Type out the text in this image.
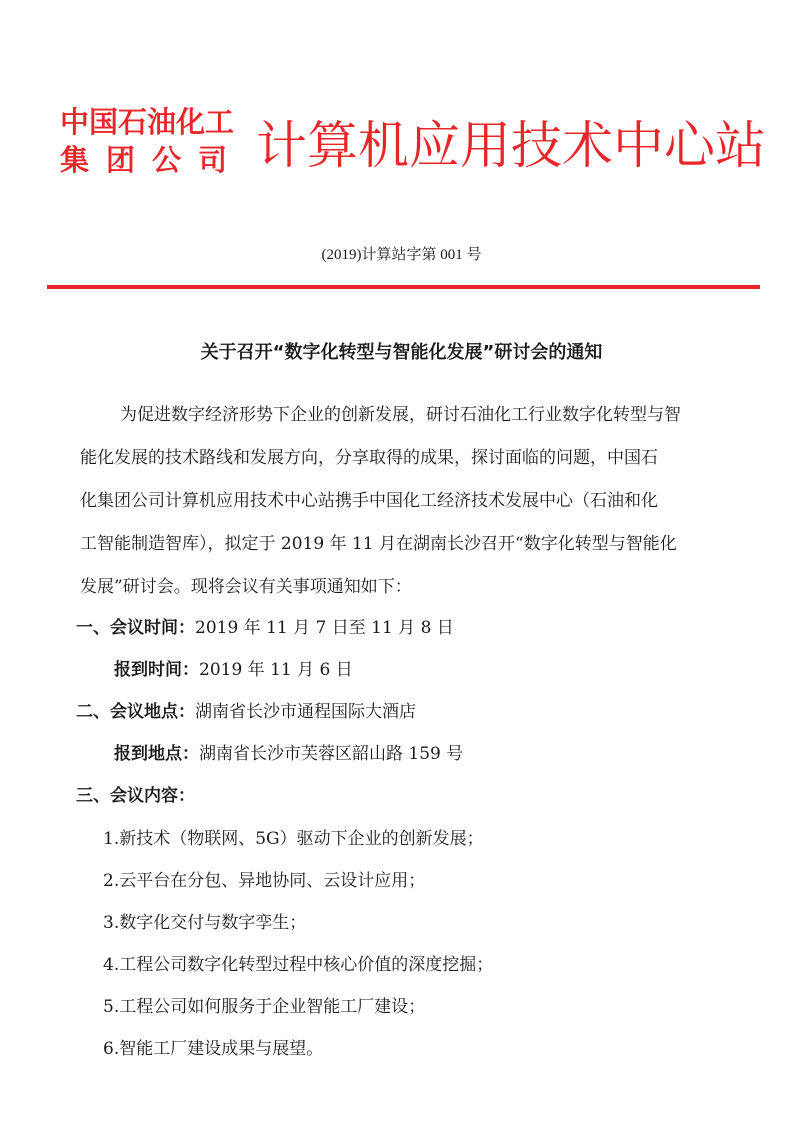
中国石油化工
集团公司 计算机应用技术中心站
(2019)计算站字第 001 号
关于召开“数字化转型与智能化发展”研讨会的通知
为促进数字经济形势下企业的创新发展，研讨石油化工行业数字化转型与智
能化发展的技术路线和发展方向，分享取得的成果，探讨面临的问题，中国石
化集团公司计算机应用技术中心站携手中国化工经济技术发展中心（石油和化
工智能制造智库），拟定于 2019 年 11 月在湖南长沙召开“数字化转型与智能化
发展”研讨会。现将会议有关事项通知如下：
一、会议时间：2019 年 11 月 7 日至 11 月 8 日
报到时间：2019 年 11 月 6 日
二、会议地点：湖南省长沙市通程国际大酒店
报到地点：湖南省长沙市芙蓉区韶山路 159 号
三、会议内容：
1.新技术（物联网、5G）驱动下企业的创新发展；
2.云平台在分包、异地协同、云设计应用；
3.数字化交付与数字孪生；
4.工程公司数字化转型过程中核心价值的深度挖掘；
5.工程公司如何服务于企业智能工厂建设；
6.智能工厂建设成果与展望。
